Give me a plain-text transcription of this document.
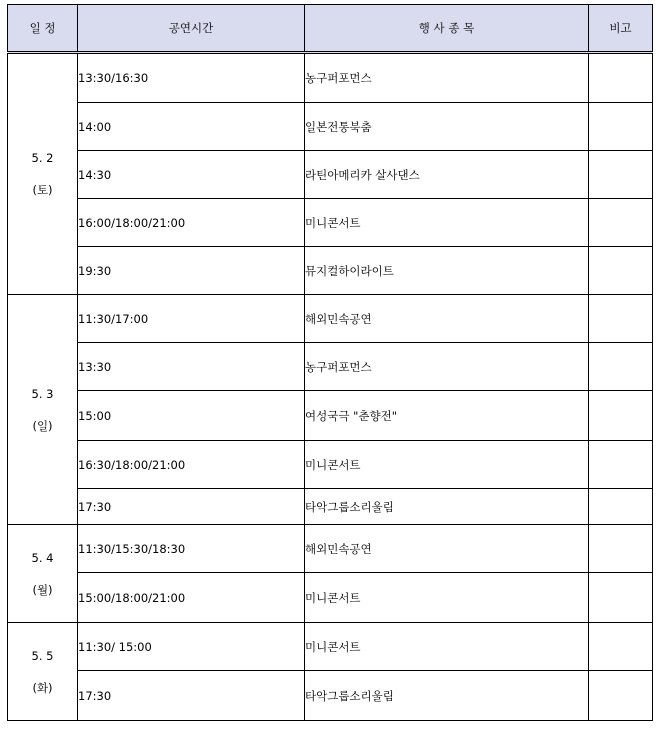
일 정	공연시간	행 사 종 목	비고

5. 2
(토)	13:30/16:30	농구퍼포먼스	
	14:00	일본전통북춤	
	14:30	라틴아메리카 살사댄스	
	16:00/18:00/21:00	미니콘서트	
	19:30	뮤지컬하이라이트	

5. 3
(일)	11:30/17:00	해외민속공연	
	13:30	농구퍼포먼스	
	15:00	여성국극 "춘향전"	
	16:30/18:00/21:00	미니콘서트	
	17:30	타악그룹소리울림	

5. 4
(월)	11:30/15:30/18:30	해외민속공연	
	15:00/18:00/21:00	미니콘서트	

5. 5
(화)	11:30/ 15:00	미니콘서트	
	17:30	타악그룹소리울림	
